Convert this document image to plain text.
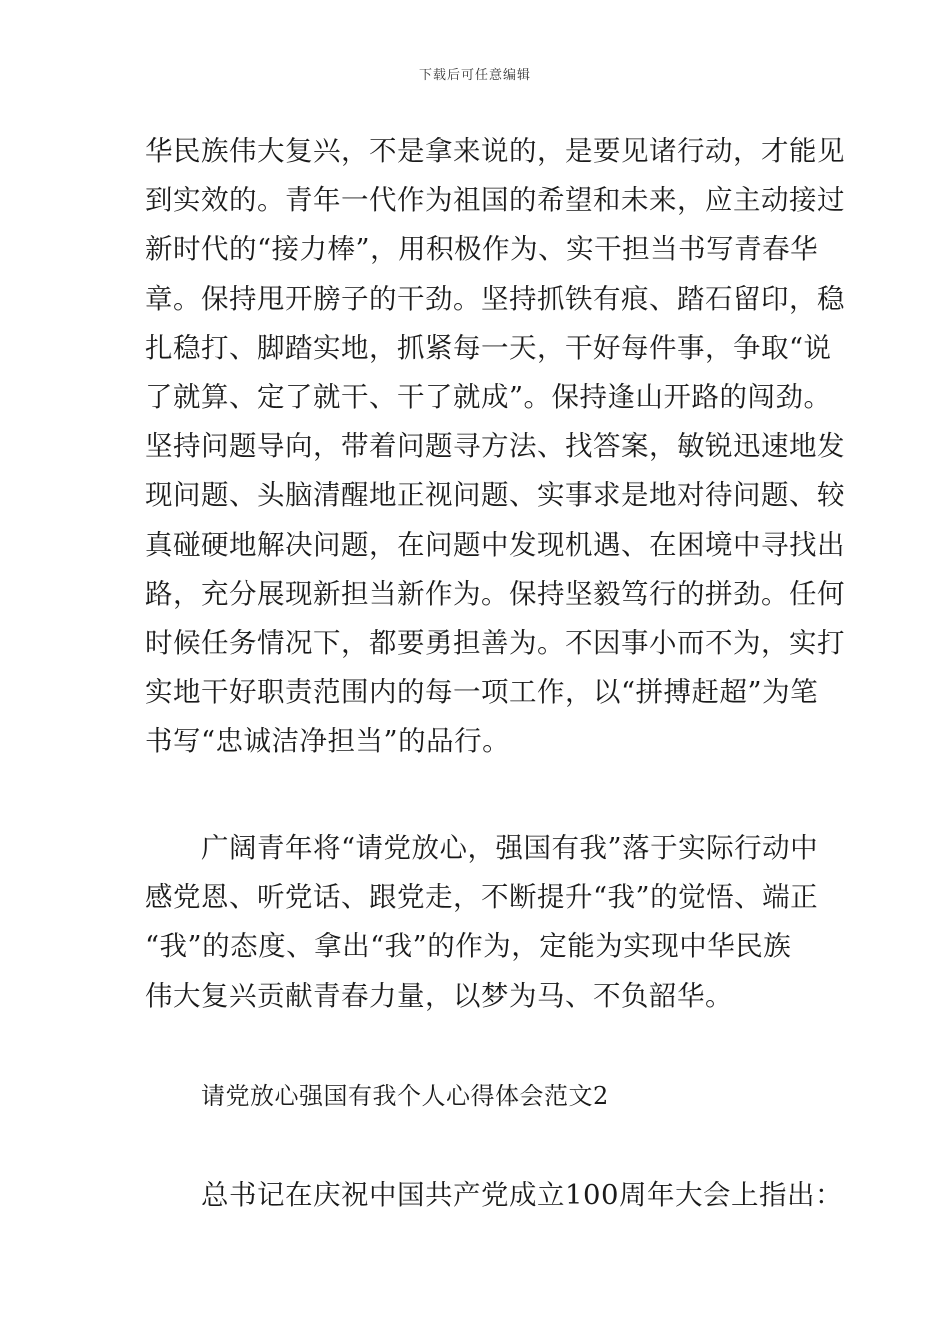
下载后可任意编辑
华民族伟大复兴，不是拿来说的，是要见诸行动，才能见
到实效的。青年一代作为祖国的希望和未来，应主动接过
新时代的“接力棒”，用积极作为、实干担当书写青春华
章。保持甩开膀子的干劲。坚持抓铁有痕、踏石留印，稳
扎稳打、脚踏实地，抓紧每一天，干好每件事，争取“说
了就算、定了就干、干了就成”。保持逢山开路的闯劲。
坚持问题导向，带着问题寻方法、找答案，敏锐迅速地发
现问题、头脑清醒地正视问题、实事求是地对待问题、较
真碰硬地解决问题，在问题中发现机遇、在困境中寻找出
路，充分展现新担当新作为。保持坚毅笃行的拼劲。任何
时候任务情况下，都要勇担善为。不因事小而不为，实打
实地干好职责范围内的每一项工作，以“拼搏赶超”为笔
书写“忠诚洁净担当”的品行。
广阔青年将“请党放心，强国有我”落于实际行动中
感党恩、听党话、跟党走，不断提升“我”的觉悟、端正
“我”的态度、拿出“我”的作为，定能为实现中华民族
伟大复兴贡献青春力量，以梦为马、不负韶华。
请党放心强国有我个人心得体会范文2
总书记在庆祝中国共产党成立100周年大会上指出：
